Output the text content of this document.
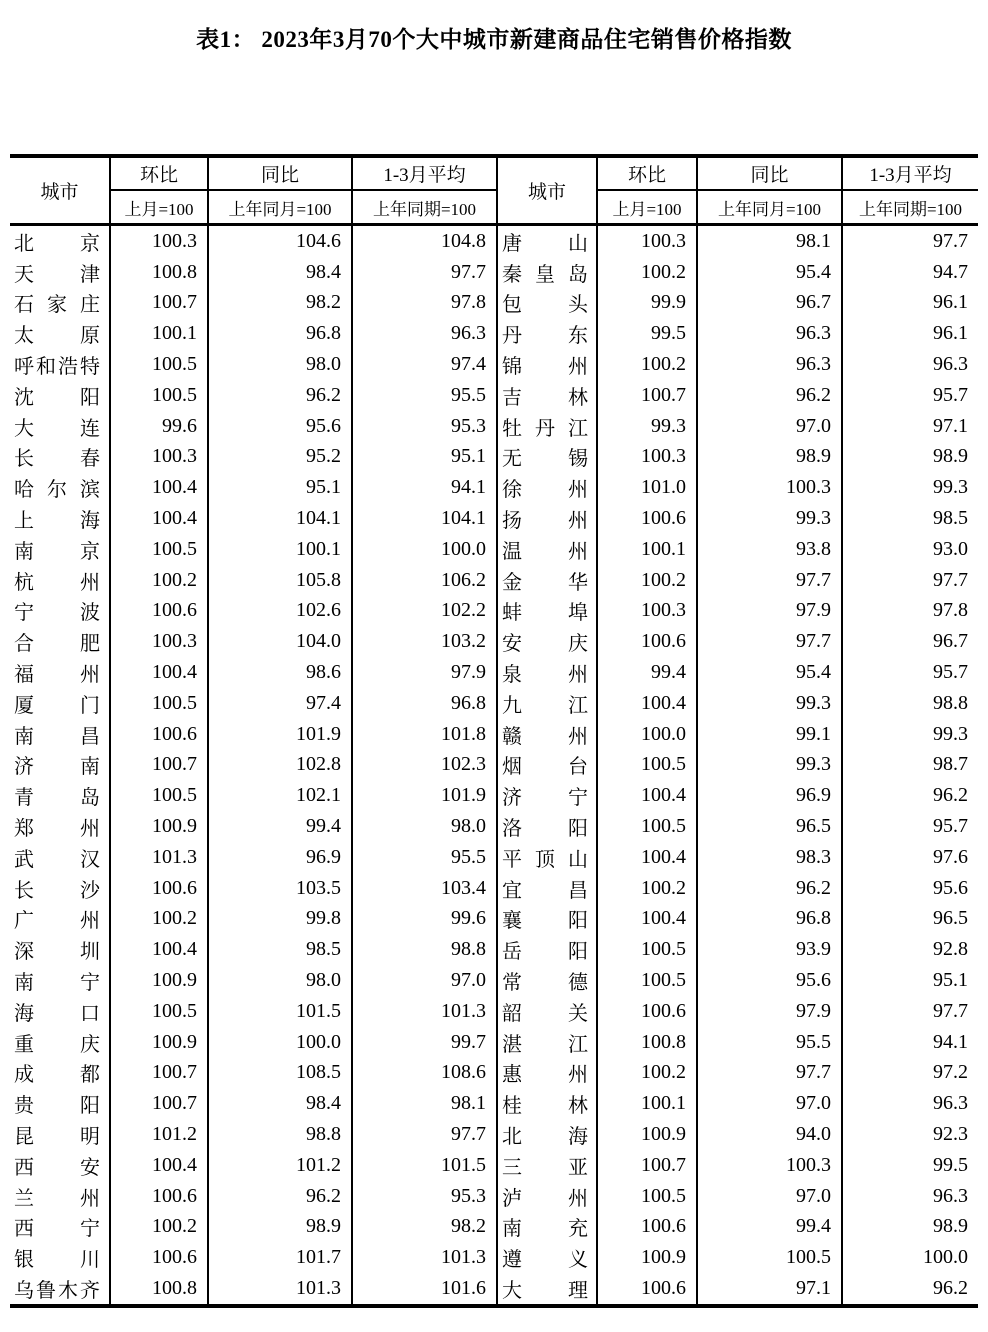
表1： 2023年3月70个大中城市新建商品住宅销售价格指数
城市	环比	同比	1-3月平均	城市	环比	同比	1-3月平均
	上月=100	上年同月=100	上年同期=100		上月=100	上年同月=100	上年同期=100

北 京	100.3	104.6	104.8	唐 山	100.3	98.1	97.7

天 津	100.8	98.4	97.7	秦 皇 岛	100.2	95.4	94.7

石 家 庄	100.7	98.2	97.8	包 头	99.9	96.7	96.1

太 原	100.1	96.8	96.3	丹 东	99.5	96.3	96.1

呼 和 浩 特	100.5	98.0	97.4	锦 州	100.2	96.3	96.3

沈 阳	100.5	96.2	95.5	吉 林	100.7	96.2	95.7

大 连	99.6	95.6	95.3	牡 丹 江	99.3	97.0	97.1

长 春	100.3	95.2	95.1	无 锡	100.3	98.9	98.9

哈 尔 滨	100.4	95.1	94.1	徐 州	101.0	100.3	99.3

上 海	100.4	104.1	104.1	扬 州	100.6	99.3	98.5

南 京	100.5	100.1	100.0	温 州	100.1	93.8	93.0

杭 州	100.2	105.8	106.2	金 华	100.2	97.7	97.7

宁 波	100.6	102.6	102.2	蚌 埠	100.3	97.9	97.8

合 肥	100.3	104.0	103.2	安 庆	100.6	97.7	96.7

福 州	100.4	98.6	97.9	泉 州	99.4	95.4	95.7

厦 门	100.5	97.4	96.8	九 江	100.4	99.3	98.8

南 昌	100.6	101.9	101.8	赣 州	100.0	99.1	99.3

济 南	100.7	102.8	102.3	烟 台	100.5	99.3	98.7

青 岛	100.5	102.1	101.9	济 宁	100.4	96.9	96.2

郑 州	100.9	99.4	98.0	洛 阳	100.5	96.5	95.7

武 汉	101.3	96.9	95.5	平 顶 山	100.4	98.3	97.6

长 沙	100.6	103.5	103.4	宜 昌	100.2	96.2	95.6

广 州	100.2	99.8	99.6	襄 阳	100.4	96.8	96.5

深 圳	100.4	98.5	98.8	岳 阳	100.5	93.9	92.8

南 宁	100.9	98.0	97.0	常 德	100.5	95.6	95.1

海 口	100.5	101.5	101.3	韶 关	100.6	97.9	97.7

重 庆	100.9	100.0	99.7	湛 江	100.8	95.5	94.1

成 都	100.7	108.5	108.6	惠 州	100.2	97.7	97.2

贵 阳	100.7	98.4	98.1	桂 林	100.1	97.0	96.3

昆 明	101.2	98.8	97.7	北 海	100.9	94.0	92.3

西 安	100.4	101.2	101.5	三 亚	100.7	100.3	99.5

兰 州	100.6	96.2	95.3	泸 州	100.5	97.0	96.3

西 宁	100.2	98.9	98.2	南 充	100.6	99.4	98.9

银 川	100.6	101.7	101.3	遵 义	100.9	100.5	100.0

乌 鲁 木 齐	100.8	101.3	101.6	大 理	100.6	97.1	96.2
